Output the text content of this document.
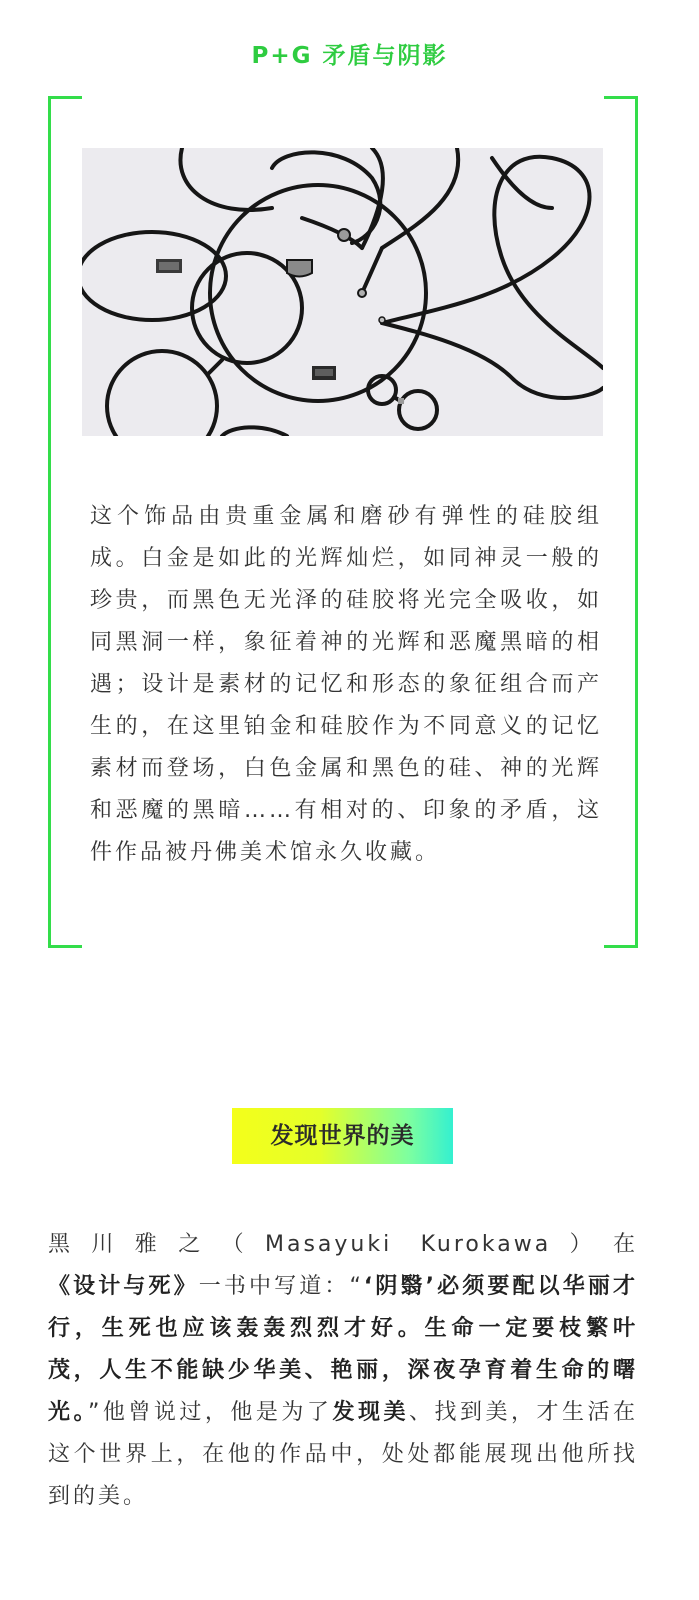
P+G 矛盾与阴影
这个饰品由贵重金属和磨砂有弹性的硅胶组成。白金是如此的光辉灿烂，如同神灵一般的珍贵，而黑色无光泽的硅胶将光完全吸收，如同黑洞一样，象征着神的光辉和恶魔黑暗的相遇；设计是素材的记忆和形态的象征组合而产生的，在这里铂金和硅胶作为不同意义的记忆素材而登场，白色金属和黑色的硅、神的光辉和恶魔的黑暗……有相对的、印象的矛盾，这件作品被丹佛美术馆永久收藏。
发现世界的美
黑川雅之（Masayuki Kurokawa）在《设计与死》一书中写道：“‘阴翳’必须要配以华丽才行，生死也应该轰轰烈烈才好。生命一定要枝繁叶茂，人生不能缺少华美、艳丽，深夜孕育着生命的曙光。”他曾说过，他是为了发现美、找到美，才生活在这个世界上，在他的作品中，处处都能展现出他所找到的美。
